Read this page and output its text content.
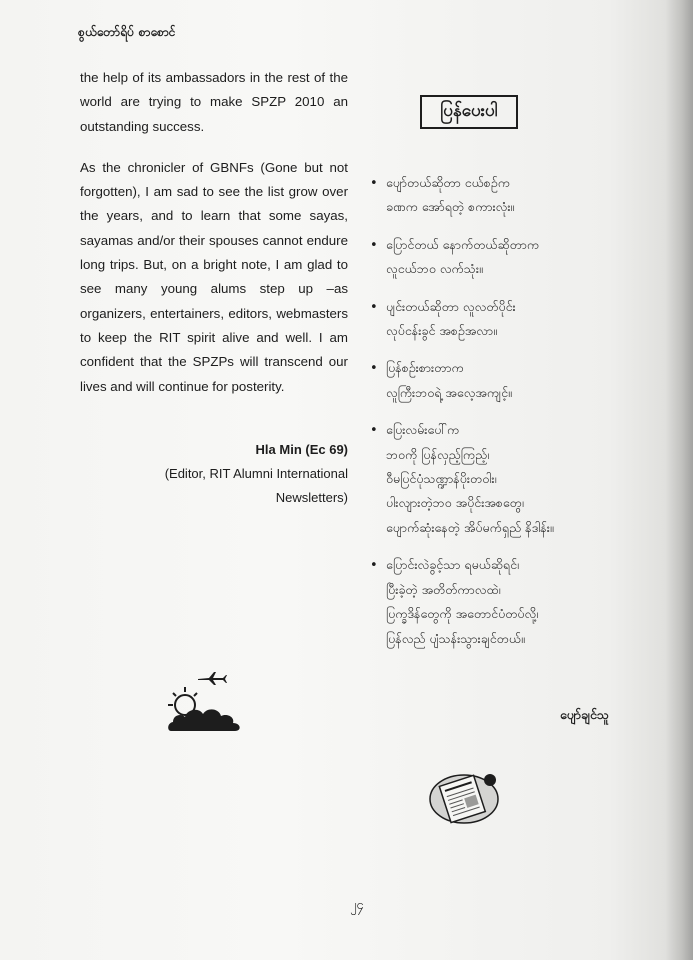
စွယ်တော်ရိပ် စာစောင်

the help of its ambassadors in the rest of the world are trying to make SPZP 2010 an outstanding success.

As the chronicler of GBNFs (Gone but not forgotten), I am sad to see the list grow over the years, and to learn that some sayas, sayamas and/or their spouses cannot endure long trips. But, on a bright note, I am glad to see many young alums step up –as organizers, entertainers, editors, webmasters to keep the RIT spirit alive and well. I am confident that the SPZPs will transcend our lives and will continue for posterity.

Hla Min (Ec 69)
(Editor, RIT Alumni International
Newsletters)
ပြန်ပေးပါ
• ပျော်တယ်ဆိုတာ ငယ်စဉ်က
ခဏက အော်ရတဲ့ စကားလုံး။
• ပြောင်တယ် နောက်တယ်ဆိုတာက
လူငယ်ဘဝ လက်သုံး။
• ပျင်းတယ်ဆိုတာ လူလတ်ပိုင်း
လုပ်ငန်းခွင် အစဉ်အလာ။
• ပြန်စဉ်းစားတာက
လူကြီးဘဝရဲ့ အလေ့အကျင့်။
• ပြေးလမ်းပေါ်က
ဘဝကို ပြန်လှည့်ကြည့်၊
ဝီမပြင်ပုံသဏ္ဍာန်ပိုးတဝါး၊
ပါးလျားတဲ့ဘဝ အပိုင်းအစတွေ၊
ပျောက်ဆုံးနေတဲ့ အိပ်မက်ရှည် နိဒါန်း။
• ပြောင်းလဲခွင့်သာ ရမယ်ဆိုရင်၊
ပြီးခဲ့တဲ့ အတိတ်ကာလထဲ၊
ပြက္ခဒိန်တွေကို အတောင်ပံတပ်လို့၊
ပြန်လည် ပျံသန်းသွားချင်တယ်။
ပျော်ချင်သူ
၂၄
